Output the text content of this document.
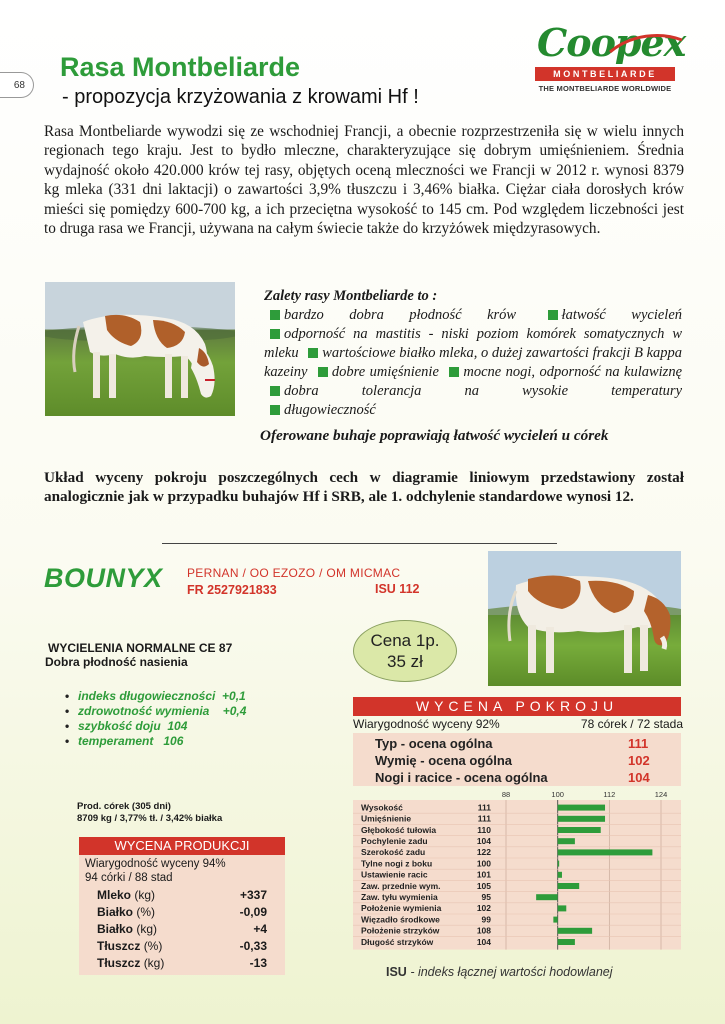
68
Rasa Montbeliarde
- propozycja krzyżowania z krowami Hf !
Coopex
MONTBELIARDE
THE MONTBELIARDE WORLDWIDE

Rasa Montbeliarde wywodzi się ze wschodniej Francji, a obecnie rozprzestrzeniła się w wielu innych regionach tego kraju. Jest to bydło mleczne, charakteryzujące się dobrym umięśnieniem. Średnia wydajność około 420.000 krów tej rasy, objętych oceną mleczności we Francji w 2012 r. wynosi 8379 kg mleka (331 dni laktacji) o zawartości 3,9% tłuszczu i 3,46% białka. Ciężar ciała dorosłych krów mieści się pomiędzy 600-700 kg, a ich przeciętna wysokość to 145 cm. Pod względem liczebności jest to druga rasa we Francji, używana na całym świecie także do krzyżówek międzyrasowych.

Zalety rasy Montbeliarde to :
bardzo dobra płodność krów	łatwość wycieleń
odporność na mastitis - niski poziom komórek somatycznych w mleku wartościowe białko mleka, o dużej zawartości frakcji B kappa kazeiny dobre umięśnienie mocne nogi, odporność na kulawiznę dobra tolerancja na wysokie temperatury
długowieczność
Oferowane buhaje poprawiają łatwość wycieleń u córek

Układ wyceny pokroju poszczególnych cech w diagramie liniowym przedstawiony został analogicznie jak w przypadku buhajów Hf i SRB, ale 1. odchylenie standardowe wynosi 12.

BOUNYX PERNAN / OO EZOZO / OM MICMAC
FR 2527921833	ISU 112
Cena 1p.
35 zł
WYCIELENIA NORMALNE CE 87
Dobra płodność nasienia
• indeks długowieczności  +0,1
• zdrowotność wymienia    +0,4
• szybkość doju  104
• temperament   106
Prod. córek (305 dni)
8709 kg / 3,77% tł. / 3,42% białka
WYCENA PRODUKCJI
Wiarygodność wyceny 94%
94 córki / 88 stad
Mleko (kg)	+337
Białko (%)	-0,09
Białko (kg)	+4
Tłuszcz (%)	-0,33
Tłuszcz (kg)	-13
WYCENA POKROJU
Wiarygodność wyceny 92%	78 córek / 72 stada
Typ - ocena ogólna	111
Wymię - ocena ogólna	102
Nogi i racice - ocena ogólna	104
88	100	112	124
Wysokość	111
Umięśnienie	111
Głębokość tułowia	110
Pochylenie zadu	104
Szerokość zadu	122
Tylne nogi z boku	100
Ustawienie racic	101
Zaw. przednie wym.	105
Zaw. tyłu wymienia	95
Położenie wymienia	102
Więzadło środkowe	99
Położenie strzyków	108
Długość strzyków	104
ISU - indeks łącznej wartości hodowlanej
